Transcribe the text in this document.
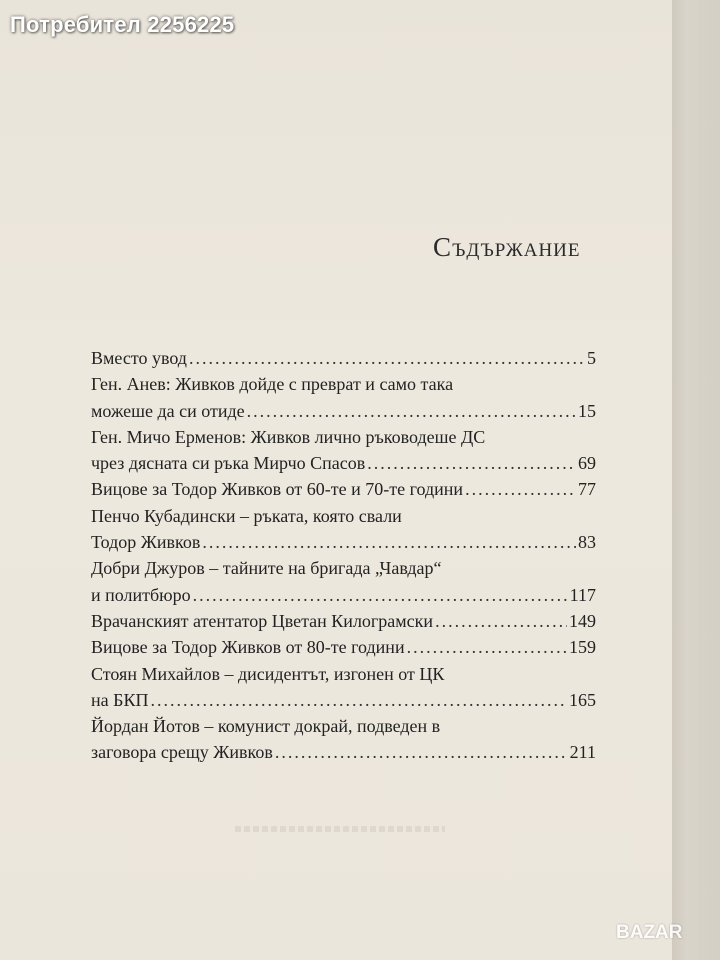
Потребител 2256225
Съдържание
Вместо увод .....	5
Ген. Анев: Живков дойде с преврат и само така
можеше да си отиде .....	15
Ген. Мичо Ерменов: Живков лично ръководеше ДС
чрез дясната си ръка Мирчо Спасов .....	69
Вицове за Тодор Живков от 60-те и 70-те години .....	77
Пенчо Кубадински – ръката, която свали
Тодор Живков .....	83
Добри Джуров – тайните на бригада „Чавдар“
и политбюро .....	117
Врачанският атентатор Цветан Килограмски .....	149
Вицове за Тодор Живков от 80-те години .....	159
Стоян Михайлов – дисидентът, изгонен от ЦК
на БКП .....	165
Йордан Йотов – комунист докрай, подведен в
заговора срещу Живков .....	211
BAZAR
